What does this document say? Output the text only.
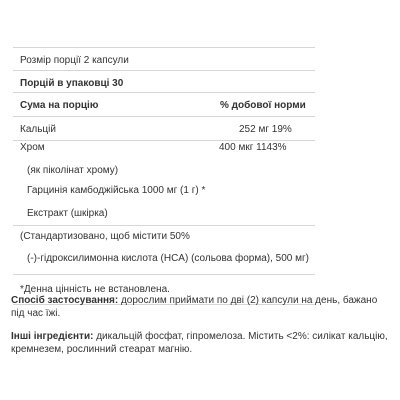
Розмір порції 2 капсули
Порцій в упаковці 30
Сума на порцію	% добової норми
Кальцій	252 мг 19%
Хром	400 мкг 1143%
(як піколінат хрому)
Гарцинія камбоджійська 1000 мг (1 г) *
Екстракт (шкірка)
(Стандартизовано, щоб містити 50%
(-)-гідроксилимонна кислота (HCA) (сольова форма), 500 мг)
*Денна цінність не встановлена.
Спосіб застосування: дорослим приймати по дві (2) капсули на день, бажано під час їжі.
Інші інгредієнти: дикальцій фосфат, гіпромелоза. Містить <2%: силікат кальцію, кремнезем, рослинний стеарат магнію.
